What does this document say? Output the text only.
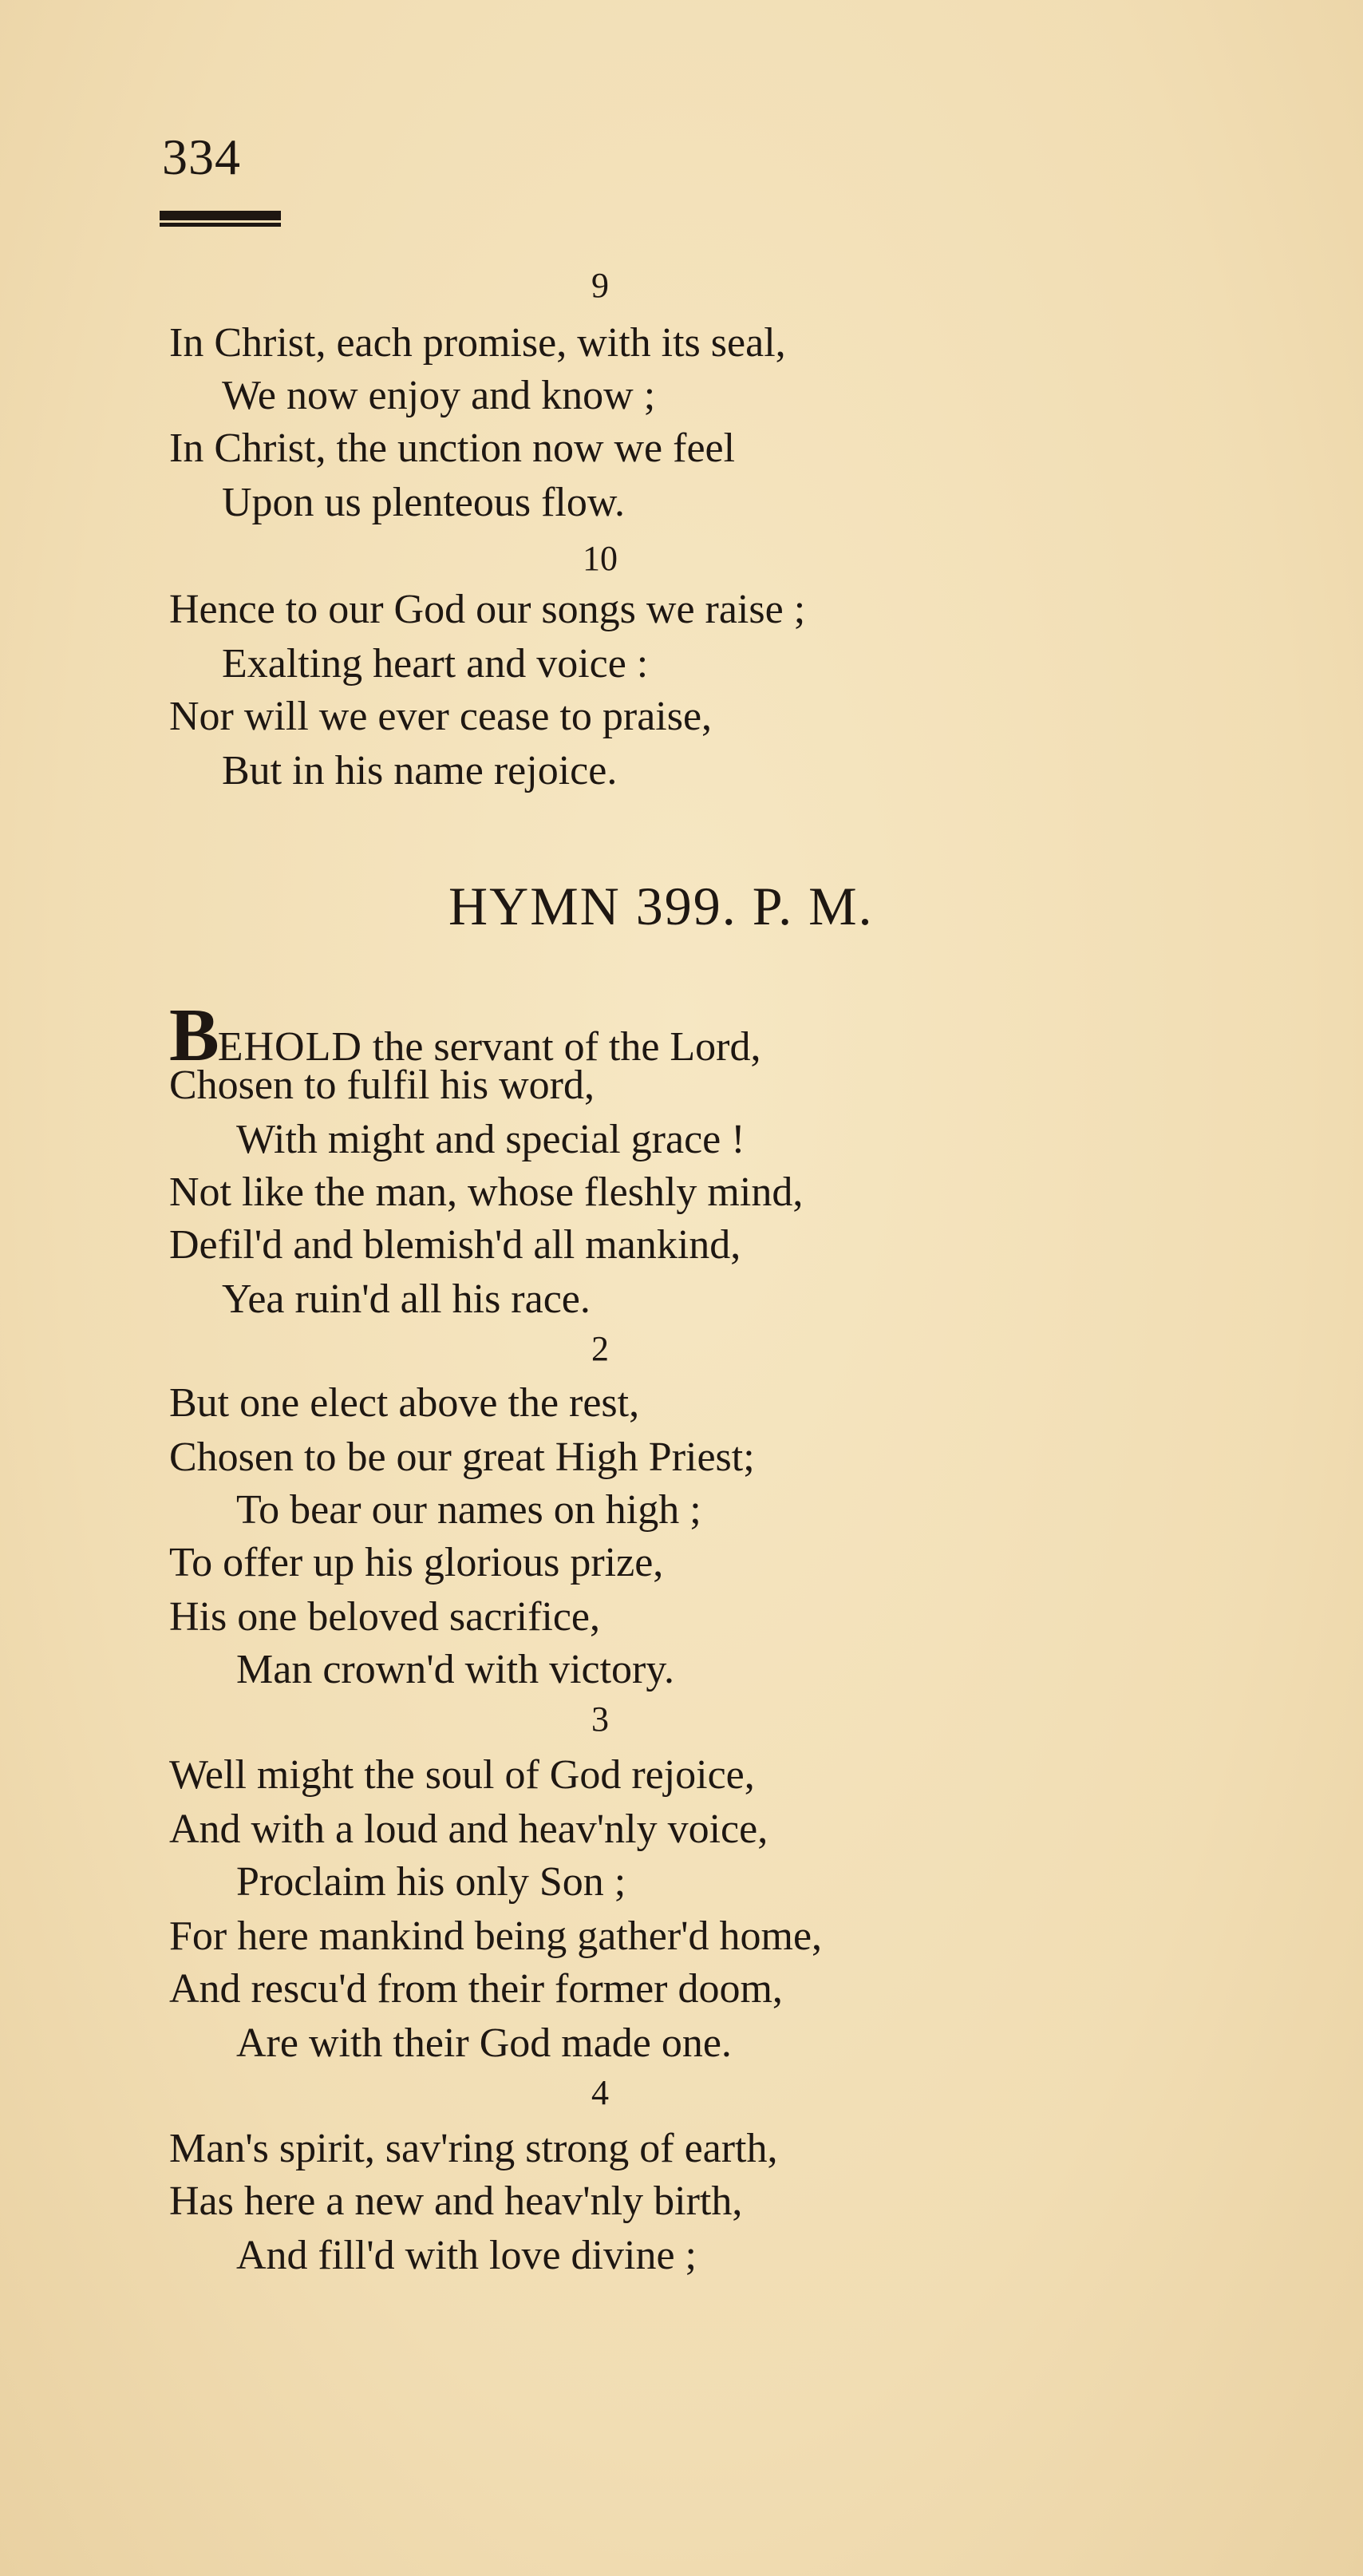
334
9
In Christ, each promise, with its seal,
We now enjoy and know ;
In Christ, the unction now we feel
Upon us plenteous flow.
10
Hence to our God our songs we raise ;
Exalting heart and voice :
Nor will we ever cease to praise,
But in his name rejoice.
HYMN 399. P. M.
BEHOLD the servant of the Lord,
Chosen to fulfil his word,
With might and special grace !
Not like the man, whose fleshly mind,
Defil'd and blemish'd all mankind,
Yea ruin'd all his race.
2
But one elect above the rest,
Chosen to be our great High Priest;
To bear our names on high ;
To offer up his glorious prize,
His one beloved sacrifice,
Man crown'd with victory.
3
Well might the soul of God rejoice,
And with a loud and heav'nly voice,
Proclaim his only Son ;
For here mankind being gather'd home,
And rescu'd from their former doom,
Are with their God made one.
4
Man's spirit, sav'ring strong of earth,
Has here a new and heav'nly birth,
And fill'd with love divine ;
